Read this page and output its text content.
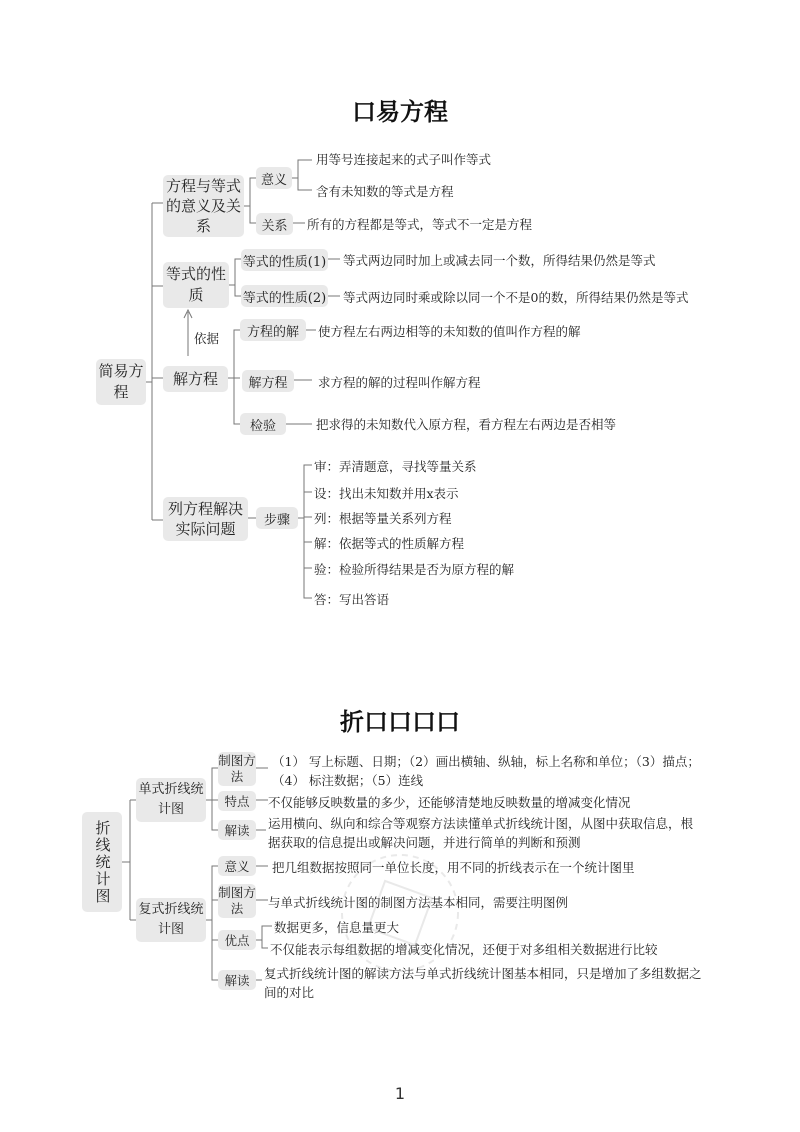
口易方程
简易方程
方程与等式的意义及关系
等式的性质
解方程
列方程解决实际问题
意义
用等号连接起来的式子叫作等式
含有未知数的等式是方程
关系	所有的方程都是等式，等式不一定是方程
等式的性质(1) 等式两边同时加上或减去同一个数，所得结果仍然是等式
等式的性质(2) 等式两边同时乘或除以同一个不是0的数，所得结果仍然是等式
依据	方程的解	使方程左右两边相等的未知数的值叫作方程的解
解方程	求方程的解的过程叫作解方程
检验	把求得的未知数代入原方程，看方程左右两边是否相等
步骤
审：弄清题意，寻找等量关系
设：找出未知数并用x表示
列：根据等量关系列方程
解：依据等式的性质解方程
验：检验所得结果是否为原方程的解
答：写出答语
折口口口口
折线统计图
单式折线统计图
复式折线统计图
制图方法
（1） 写上标题、日期；（2）画出横轴、纵轴，标上名称和单位；（3）描点；（4） 标注数据；（5）连线
特点	不仅能够反映数量的多少，还能够清楚地反映数量的增减变化情况
解读	运用横向、纵向和综合等观察方法读懂单式折线统计图，从图中获取信息，根据获取的信息提出或解决问题，并进行简单的判断和预测
意义	把几组数据按照同一单位长度，用不同的折线表示在一个统计图里
制图方法	与单式折线统计图的制图方法基本相同，需要注明图例
优点
数据更多，信息量更大
不仅能表示每组数据的增减变化情况，还便于对多组相关数据进行比较
解读	复式折线统计图的解读方法与单式折线统计图基本相同，只是增加了多组数据之间的对比
1
